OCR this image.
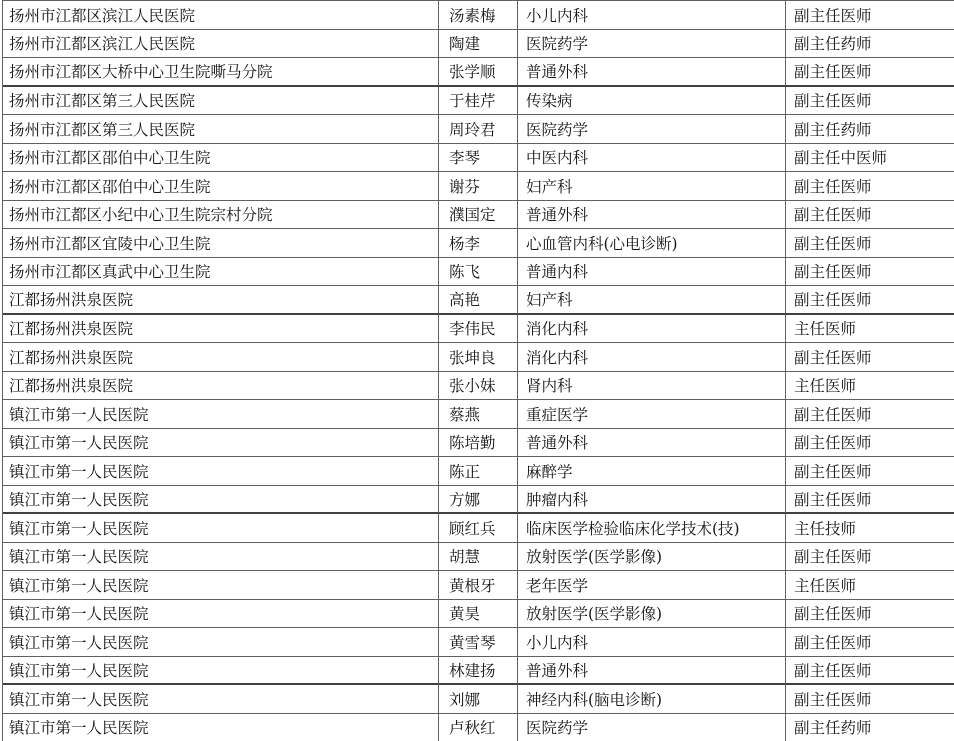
扬州市江都区滨江人民医院	汤素梅	小儿内科	副主任医师
扬州市江都区滨江人民医院	陶建	医院药学	副主任药师
扬州市江都区大桥中心卫生院嘶马分院	张学顺	普通外科	副主任医师
扬州市江都区第三人民医院	于桂芹	传染病	副主任医师
扬州市江都区第三人民医院	周玲君	医院药学	副主任药师
扬州市江都区邵伯中心卫生院	李琴	中医内科	副主任中医师
扬州市江都区邵伯中心卫生院	谢芬	妇产科	副主任医师
扬州市江都区小纪中心卫生院宗村分院	濮国定	普通外科	副主任医师
扬州市江都区宜陵中心卫生院	杨李	心血管内科(心电诊断)	副主任医师
扬州市江都区真武中心卫生院	陈飞	普通内科	副主任医师
江都扬州洪泉医院	高艳	妇产科	副主任医师
江都扬州洪泉医院	李伟民	消化内科	主任医师
江都扬州洪泉医院	张坤良	消化内科	副主任医师
江都扬州洪泉医院	张小妹	肾内科	主任医师
镇江市第一人民医院	蔡燕	重症医学	副主任医师
镇江市第一人民医院	陈培勤	普通外科	副主任医师
镇江市第一人民医院	陈正	麻醉学	副主任医师
镇江市第一人民医院	方娜	肿瘤内科	副主任医师
镇江市第一人民医院	顾红兵	临床医学检验临床化学技术(技)	主任技师
镇江市第一人民医院	胡慧	放射医学(医学影像)	副主任医师
镇江市第一人民医院	黄根牙	老年医学	主任医师
镇江市第一人民医院	黄昊	放射医学(医学影像)	副主任医师
镇江市第一人民医院	黄雪琴	小儿内科	副主任医师
镇江市第一人民医院	林建扬	普通外科	副主任医师
镇江市第一人民医院	刘娜	神经内科(脑电诊断)	副主任医师
镇江市第一人民医院	卢秋红	医院药学	副主任药师
